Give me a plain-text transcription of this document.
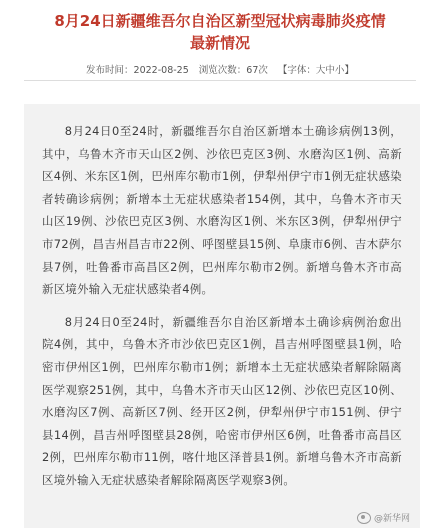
8月24日新疆维吾尔自治区新型冠状病毒肺炎疫情
最新情况
发布时间：2022-08-25 浏览次数：67次 【字体：大中小】

8月24日0至24时，新疆维吾尔自治区新增本土确诊病例13例，其中，乌鲁木齐市天山区2例、沙依巴克区3例、水磨沟区1例、高新区4例、米东区1例，巴州库尔勒市1例，伊犁州伊宁市1例无症状感染者转确诊病例；新增本土无症状感染者154例，其中，乌鲁木齐市天山区19例、沙依巴克区3例、水磨沟区1例、米东区3例，伊犁州伊宁市72例，昌吉州昌吉市22例、呼图壁县15例、阜康市6例、吉木萨尔县7例，吐鲁番市高昌区2例，巴州库尔勒市2例。新增乌鲁木齐市高新区境外输入无症状感染者4例。

8月24日0至24时，新疆维吾尔自治区新增本土确诊病例治愈出院4例，其中，乌鲁木齐市沙依巴克区1例，昌吉州呼图壁县1例，哈密市伊州区1例，巴州库尔勒市1例；新增本土无症状感染者解除隔离医学观察251例，其中，乌鲁木齐市天山区12例、沙依巴克区10例、水磨沟区7例、高新区7例、经开区2例，伊犁州伊宁市151例、伊宁县14例，昌吉州呼图壁县28例，哈密市伊州区6例，吐鲁番市高昌区2例，巴州库尔勒市11例，喀什地区泽普县1例。新增乌鲁木齐市高新区境外输入无症状感染者解除隔离医学观察3例。

@新华网
